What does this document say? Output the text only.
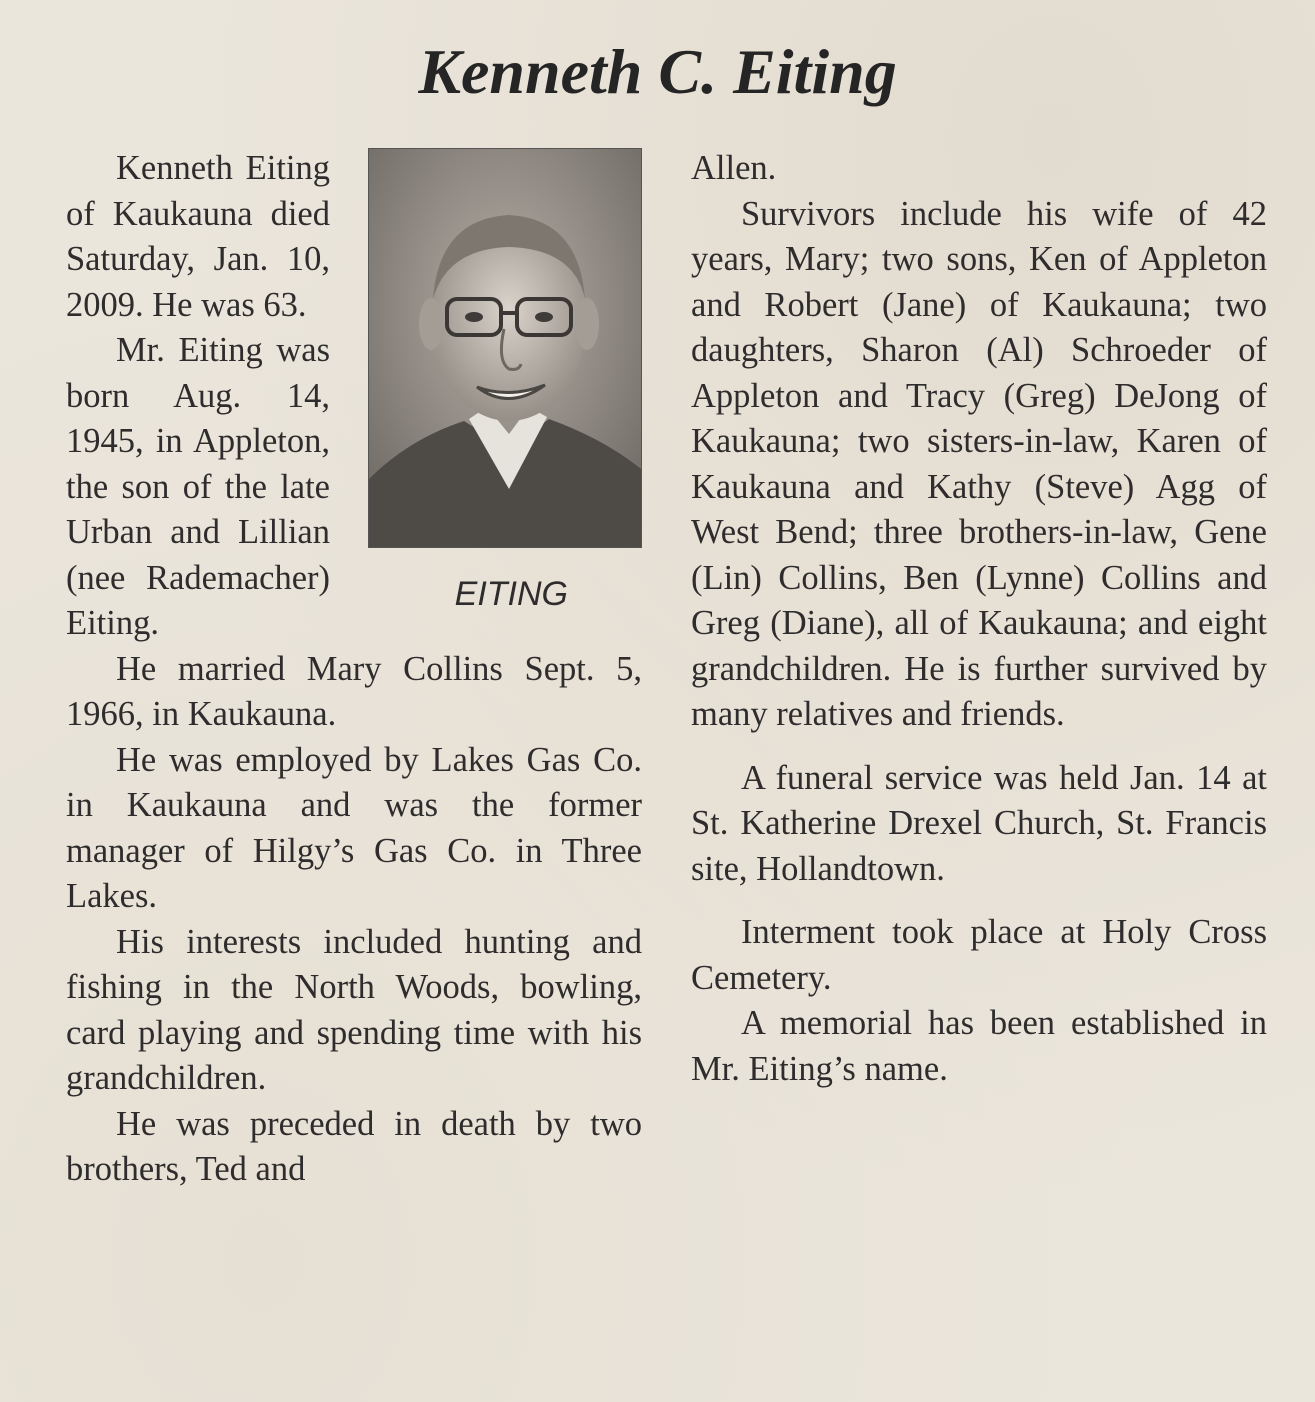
Kenneth C. Eiting
EITING

Kenneth Eiting of Kaukauna died Saturday, Jan. 10, 2009. He was 63.

Mr. Eiting was born Aug. 14, 1945, in Appleton, the son of the late Urban and Lillian (nee Rademacher) Eiting.

He married Mary Collins Sept. 5, 1966, in Kaukauna.

He was employed by Lakes Gas Co. in Kaukauna and was the former manager of Hilgy’s Gas Co. in Three Lakes.

His interests included hunting and fishing in the North Woods, bowling, card playing and spending time with his grandchildren.

He was preceded in death by two brothers, Ted and

Allen.

Survivors include his wife of 42 years, Mary; two sons, Ken of Appleton and Robert (Jane) of Kaukauna; two daughters, Sharon (Al) Schroeder of Appleton and Tracy (Greg) DeJong of Kaukauna; two sisters-in-law, Karen of Kaukauna and Kathy (Steve) Agg of West Bend; three brothers-in-law, Gene (Lin) Collins, Ben (Lynne) Collins and Greg (Diane), all of Kaukauna; and eight grandchildren. He is further survived by many relatives and friends.

A funeral service was held Jan. 14 at St. Katherine Drexel Church, St. Francis site, Hollandtown.

Interment took place at Holy Cross Cemetery.

A memorial has been established in Mr. Eiting’s name.
